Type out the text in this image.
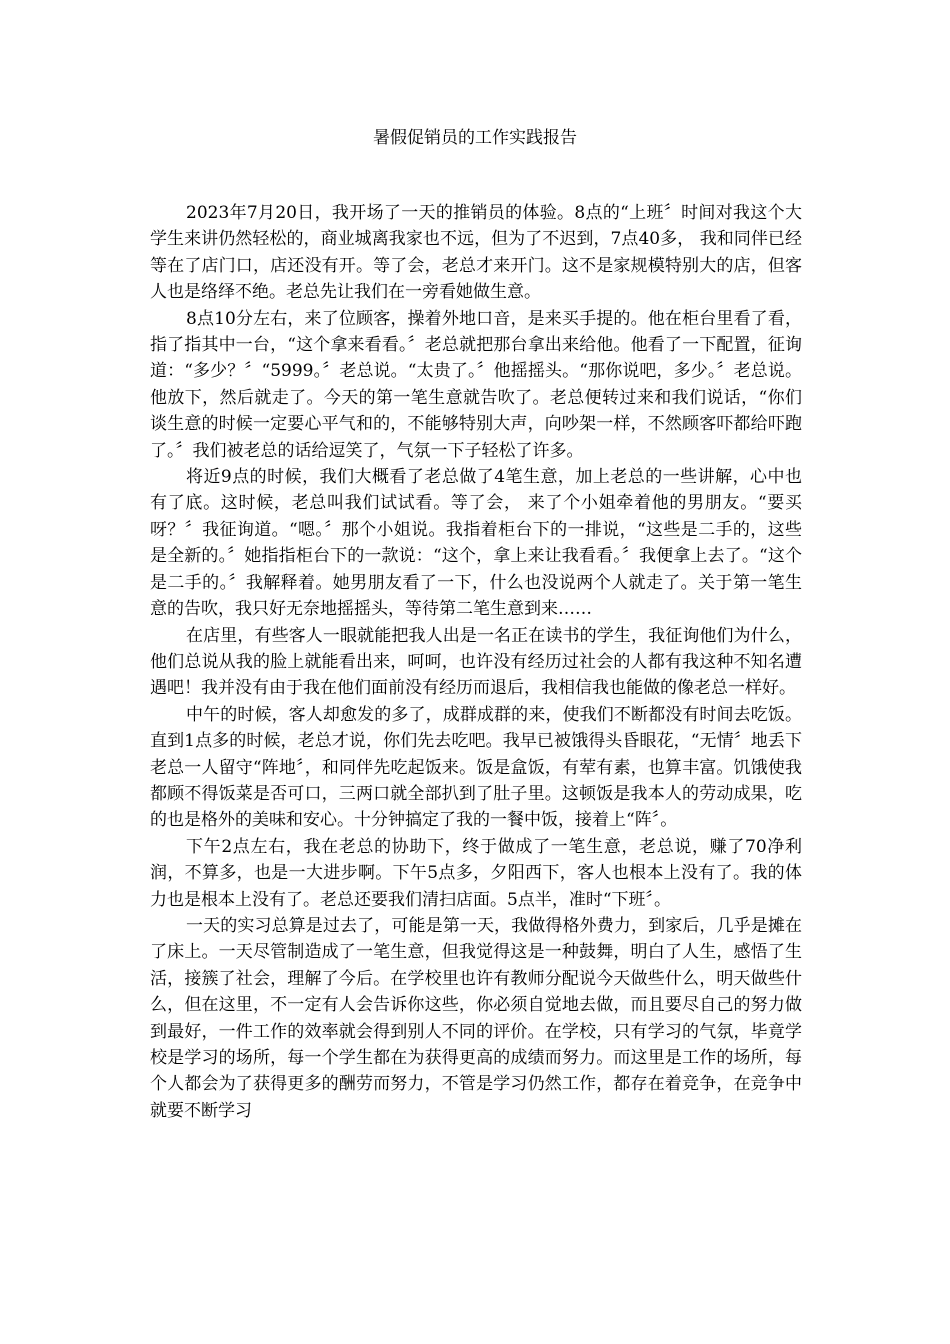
暑假促销员的工作实践报告

2023年7月20日，我开场了一天的推销员的体验。8点的“上班〞时间对我这个大学生来讲仍然轻松的，商业城离我家也不远，但为了不迟到，7点40多， 我和同伴已经等在了店门口，店还没有开。等了会，老总才来开门。这不是家规模特别大的店，但客人也是络绎不绝。老总先让我们在一旁看她做生意。

8点10分左右，来了位顾客，操着外地口音，是来买手提的。他在柜台里看了看，指了指其中一台，“这个拿来看看。〞老总就把那台拿出来给他。他看了一下配置，征询道：“多少？〞“5999。〞老总说。“太贵了。〞他摇摇头。“那你说吧，多少。〞老总说。他放下，然后就走了。今天的第一笔生意就告吹了。老总便转过来和我们说话，“你们谈生意的时候一定要心平气和的，不能够特别大声，向吵架一样，不然顾客吓都给吓跑了。〞我们被老总的话给逗笑了，气氛一下子轻松了许多。

将近9点的时候，我们大概看了老总做了4笔生意，加上老总的一些讲解，心中也有了底。这时候，老总叫我们试试看。等了会， 来了个小姐牵着他的男朋友。“要买呀？〞我征询道。“嗯。〞那个小姐说。我指着柜台下的一排说，“这些是二手的，这些是全新的。〞她指指柜台下的一款说：“这个，拿上来让我看看。〞我便拿上去了。“这个是二手的。〞我解释着。她男朋友看了一下，什么也没说两个人就走了。关于第一笔生意的告吹，我只好无奈地摇摇头，等待第二笔生意到来……

在店里，有些客人一眼就能把我人出是一名正在读书的学生，我征询他们为什么，他们总说从我的脸上就能看出来，呵呵，也许没有经历过社会的人都有我这种不知名遭遇吧！我并没有由于我在他们面前没有经历而退后，我相信我也能做的像老总一样好。

中午的时候，客人却愈发的多了，成群成群的来，使我们不断都没有时间去吃饭。直到1点多的时候，老总才说，你们先去吃吧。我早已被饿得头昏眼花，“无情〞地丢下老总一人留守“阵地〞，和同伴先吃起饭来。饭是盒饭，有荤有素，也算丰富。饥饿使我都顾不得饭菜是否可口，三两口就全部扒到了肚子里。这顿饭是我本人的劳动成果，吃的也是格外的美味和安心。十分钟搞定了我的一餐中饭，接着上“阵〞。

下午2点左右，我在老总的协助下，终于做成了一笔生意，老总说，赚了70净利润，不算多，也是一大进步啊。下午5点多，夕阳西下，客人也根本上没有了。我的体力也是根本上没有了。老总还要我们清扫店面。5点半，准时“下班〞。

一天的实习总算是过去了，可能是第一天，我做得格外费力，到家后，几乎是摊在了床上。一天尽管制造成了一笔生意，但我觉得这是一种鼓舞，明白了人生，感悟了生活，接簇了社会，理解了今后。在学校里也许有教师分配说今天做些什么，明天做些什么，但在这里，不一定有人会告诉你这些，你必须自觉地去做，而且要尽自己的努力做到最好，一件工作的效率就会得到别人不同的评价。在学校，只有学习的气氛，毕竟学校是学习的场所，每一个学生都在为获得更高的成绩而努力。而这里是工作的场所，每个人都会为了获得更多的酬劳而努力，不管是学习仍然工作，都存在着竞争，在竞争中就要不断学习
